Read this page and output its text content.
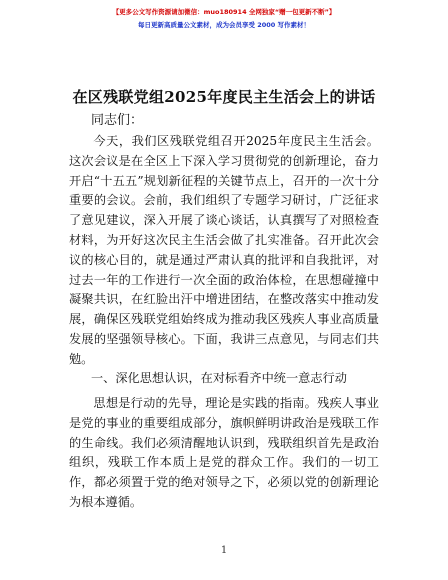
【更多公文写作资源请加微信：muo180914 全网独家“赠一包更新不断”】
每日更新高质量公文素材，成为会员享受 2000 写作素材！
在区残联党组2025年度民主生活会上的讲话
同志们：

今天，我们区残联党组召开2025年度民主生活会。这次会议是在全区上下深入学习贯彻党的创新理论，奋力开启“十五五”规划新征程的关键节点上，召开的一次十分重要的会议。会前，我们组织了专题学习研讨，广泛征求了意见建议，深入开展了谈心谈话，认真撰写了对照检查材料，为开好这次民主生活会做了扎实准备。召开此次会议的核心目的，就是通过严肃认真的批评和自我批评，对过去一年的工作进行一次全面的政治体检，在思想碰撞中凝聚共识，在红脸出汗中增进团结，在整改落实中推动发展，确保区残联党组始终成为推动我区残疾人事业高质量发展的坚强领导核心。下面，我讲三点意见，与同志们共勉。

一、深化思想认识，在对标看齐中统一意志行动

思想是行动的先导，理论是实践的指南。残疾人事业是党的事业的重要组成部分，旗帜鲜明讲政治是残联工作的生命线。我们必须清醒地认识到，残联组织首先是政治组织，残联工作本质上是党的群众工作。我们的一切工作，都必须置于党的绝对领导之下，必须以党的创新理论为根本遵循。

1
